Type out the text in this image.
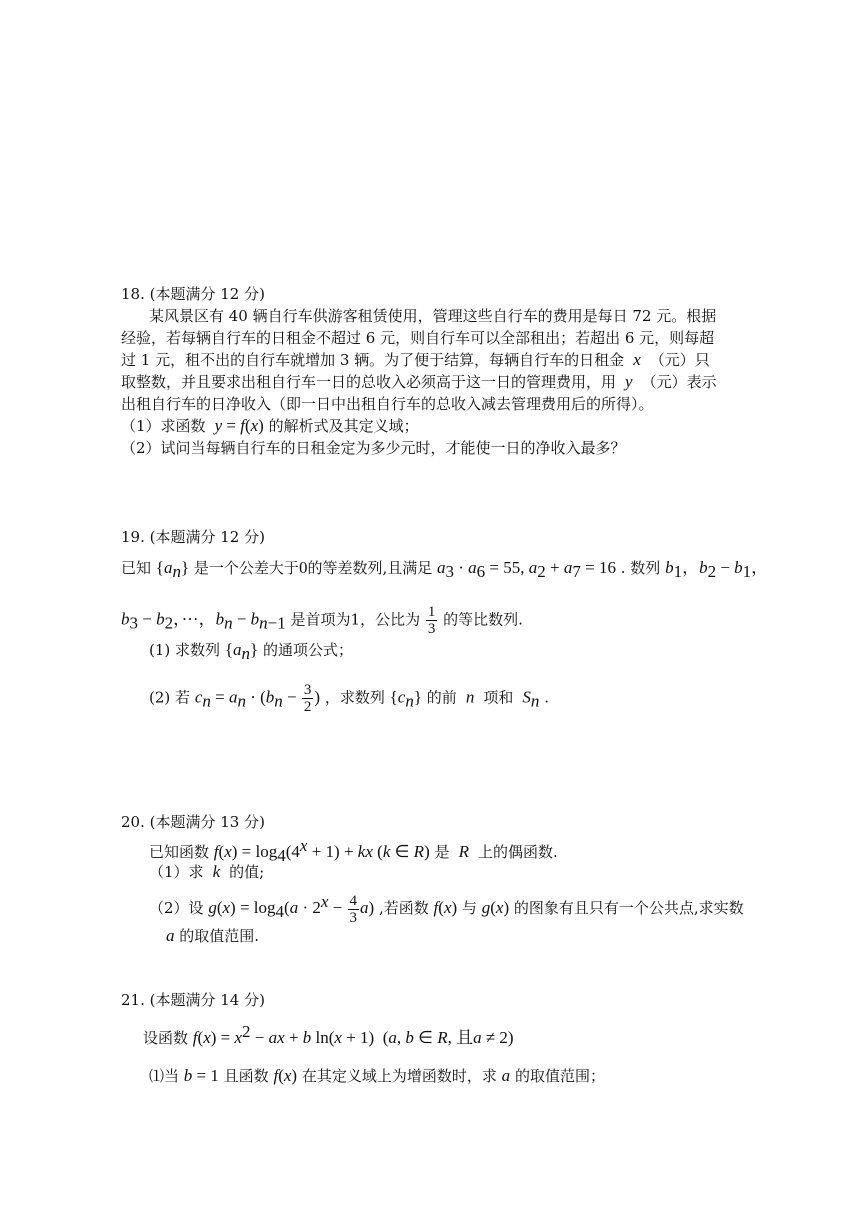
18. (本题满分 12 分)
某风景区有 40 辆自行车供游客租赁使用，管理这些自行车的费用是每日 72 元。根据
经验，若每辆自行车的日租金不超过 6 元，则自行车可以全部租出；若超出 6 元，则每超
过 1 元，租不出的自行车就增加 3 辆。为了便于结算，每辆自行车的日租金  x  （元）只
取整数，并且要求出租自行车一日的总收入必须高于这一日的管理费用，用  y  （元）表示
出租自行车的日净收入（即一日中出租自行车的总收入减去管理费用后的所得）。
（1）求函数  y = f(x) 的解析式及其定义域；
（2）试问当每辆自行车的日租金定为多少元时，才能使一日的净收入最多？
19. (本题满分 12 分)
已知 $\{a_n\}$ 是一个公差大于0的等差数列,且满足 $a_3 \cdot a_6 = 55$, $a_2 + a_7 = 16$ . 数列 $b_1$，$b_2 - b_1$，
$b_3 - b_2$，···，$b_n - b_{n-1}$ 是首项为1，公比为 $\frac{1}{3}$ 的等比数列.
(1) 求数列 $\{a_n\}$ 的通项公式；
(2) 若 $c_n = a_n \cdot (b_n - \frac{3}{2}$ ) ，求数列 $\{c_n\}$ 的前  n  项和  $S_n$ .
20. (本题满分 13 分)
已知函数 $f(x) = \log_4(4^x + 1)$ + kx (k ∈ R) 是  R  上的偶函数.
（1）求  k  的值;
（2）设 $g(x) = \log_4(a \cdot 2^x - \frac{4}{3} a)$ ,若函数 f(x) 与 g(x) 的图象有且只有一个公共点,求实数
a 的取值范围.
21. (本题满分 14 分)
设函数 $f(x) = x^2$ − ax + b ln(x + 1)  (a, b ∈ R, 且a ≠ 2)
⑴当 b = 1 且函数 f(x) 在其定义域上为增函数时，求 a 的取值范围；
